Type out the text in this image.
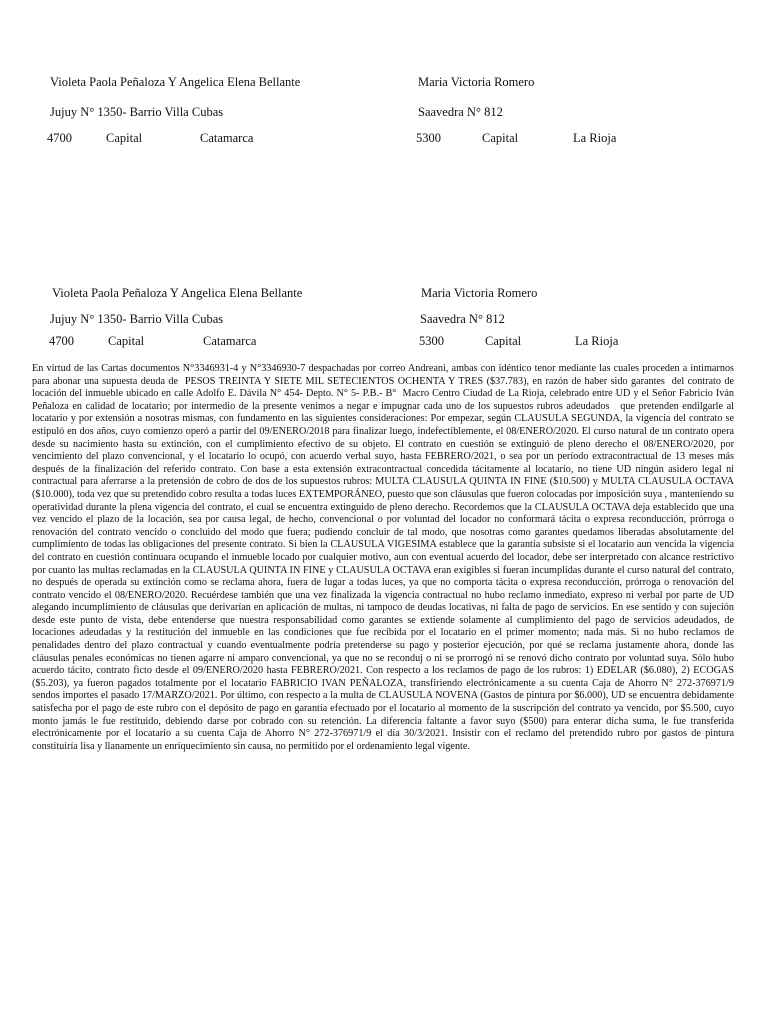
Violeta Paola Peñaloza Y Angelica Elena Bellante	Maria Victoria Romero
Jujuy N° 1350- Barrio Villa Cubas	Saavedra N° 812
4700	Capital	Catamarca	5300	Capital	La Rioja
Violeta Paola Peñaloza Y Angelica Elena Bellante	Maria Victoria Romero
Jujuy N° 1350- Barrio Villa Cubas	Saavedra N° 812
4700	Capital	Catamarca	5300	Capital	La Rioja
En virtud de las Cartas documentos N°3346931-4 y N°3346930-7 despachadas por correo Andreani, ambas con idéntico tenor mediante las cuales proceden a intimarnos  para abonar una supuesta deuda de  PESOS TREINTA Y SIETE MIL SETECIENTOS OCHENTA Y TRES ($37.783), en razón de haber sido garantes  del contrato de locación del inmueble ubicado en calle Adolfo E. Dávila N° 454- Depto. N° 5- P.B.- B°  Macro Centro Ciudad de La Rioja, celebrado entre UD y el Señor Fabricio Iván Peñaloza en calidad de locatario; por intermedio de la presente venimos a negar e impugnar cada uno de los supuestos rubros adeudados   que pretenden endilgarle al locatario y por extensión a nosotras mismas, con fundamento en las siguientes consideraciones: Por empezar, según CLAUSULA SEGUNDA, la vigencia del contrato se estipuló en dos años, cuyo comienzo operó a partir del 09/ENERO/2018 para finalizar luego, indefectiblemente, el 08/ENERO/2020. El curso natural de un contrato opera desde su nacimiento hasta su extinción, con el cumplimiento efectivo de su objeto. El contrato en cuestión se extinguió de pleno derecho el 08/ENERO/2020, por vencimiento del plazo convencional, y el locatario lo ocupó, con acuerdo verbal suyo, hasta FEBRERO/2021, o sea por un período extracontractual de 13 meses más después de la finalización del referido contrato. Con base a esta extensión extracontractual concedida tácitamente al locatario, no tiene UD ningún asidero legal ni contractual para aferrarse a la pretensión de cobro de dos de los supuestos rubros: MULTA CLAUSULA QUINTA IN FINE ($10.500) y MULTA CLAUSULA OCTAVA ($10.000), toda vez que su pretendido cobro resulta a todas luces EXTEMPORÁNEO, puesto que son cláusulas que fueron colocadas por imposición suya , manteniendo su operatividad durante la plena vigencia del contrato, el cual se encuentra extinguido de pleno derecho. Recordemos que la CLAUSULA OCTAVA deja establecido que una vez vencido el plazo de la locación, sea por causa legal, de hecho, convencional o por voluntad del locador no conformará tácita o expresa reconducción, prórroga o renovación del contrato vencido o concluido del modo que fuera; pudiendo concluir de tal modo, que nosotras como garantes quedamos liberadas absolutamente del cumplimiento de todas las obligaciones del presente contrato. Si bien la CLAUSULA VIGESIMA establece que la garantía subsiste si el locatario aun vencida la vigencia del contrato en cuestión continuara ocupando el inmueble locado por cualquier motivo, aun con eventual acuerdo del locador, debe ser interpretado con alcance restrictivo por cuanto las multas reclamadas en la CLAUSULA QUINTA IN FINE y CLAUSULA OCTAVA eran exigibles si fueran incumplidas durante el curso natural del contrato, no después de operada su extinción como se reclama ahora, fuera de lugar a todas luces, ya que no comporta tácita o expresa reconducción, prórroga o renovación del contrato vencido el 08/ENERO/2020. Recuérdese también que una vez finalizada la vigencia contractual no hubo reclamo inmediato, expreso ni verbal por parte de UD alegando incumplimiento de cláusulas que derivarían en aplicación de multas, ni tampoco de deudas locativas, ni falta de pago de servicios. En ese sentido y con sujeción desde este punto de vista, debe entenderse que nuestra responsabilidad como garantes se extiende solamente al cumplimiento del pago de servicios adeudados, de locaciones adeudadas y la restitución del inmueble en las condiciones que fue recibida por el locatario en el primer momento; nada más. Si no hubo reclamos de penalidades dentro del plazo contractual y cuando eventualmente podría pretenderse su pago y posterior ejecución, por qué se reclama justamente ahora, donde las cláusulas penales económicas no tienen agarre ni amparo convencional, ya que no se reconduj o ni se prorrogó ni se renovó dicho contrato por voluntad suya. Sólo hubo acuerdo tácito, contrato ficto desde el 09/ENERO/2020 hasta FEBRERO/2021. Con respecto a los reclamos de pago de los rubros: 1) EDELAR ($6.080), 2) ECOGAS ($5.203), ya fueron pagados totalmente por el locatario FABRICIO IVAN PEÑALOZA, transfiriendo electrónicamente a su cuenta Caja de Ahorro N° 272-376971/9 sendos importes el pasado 17/MARZO/2021. Por último, con respecto a la multa de CLAUSULA NOVENA (Gastos de pintura por $6.000), UD se encuentra debidamente satisfecha por el pago de este rubro con el depósito de pago en garantía efectuado por el locatario al momento de la suscripción del contrato ya vencido, por $5.500, cuyo monto jamás le fue restituido, debiendo darse por cobrado con su retención. La diferencia faltante a favor suyo ($500) para enterar dicha suma, le fue transferida electrónicamente por el locatario a su cuenta Caja de Ahorro N° 272-376971/9 el día 30/3/2021. Insistir con el reclamo del pretendido rubro por gastos de pintura constituiría lisa y llanamente un enriquecimiento sin causa, no permitido por el ordenamiento legal vigente.
